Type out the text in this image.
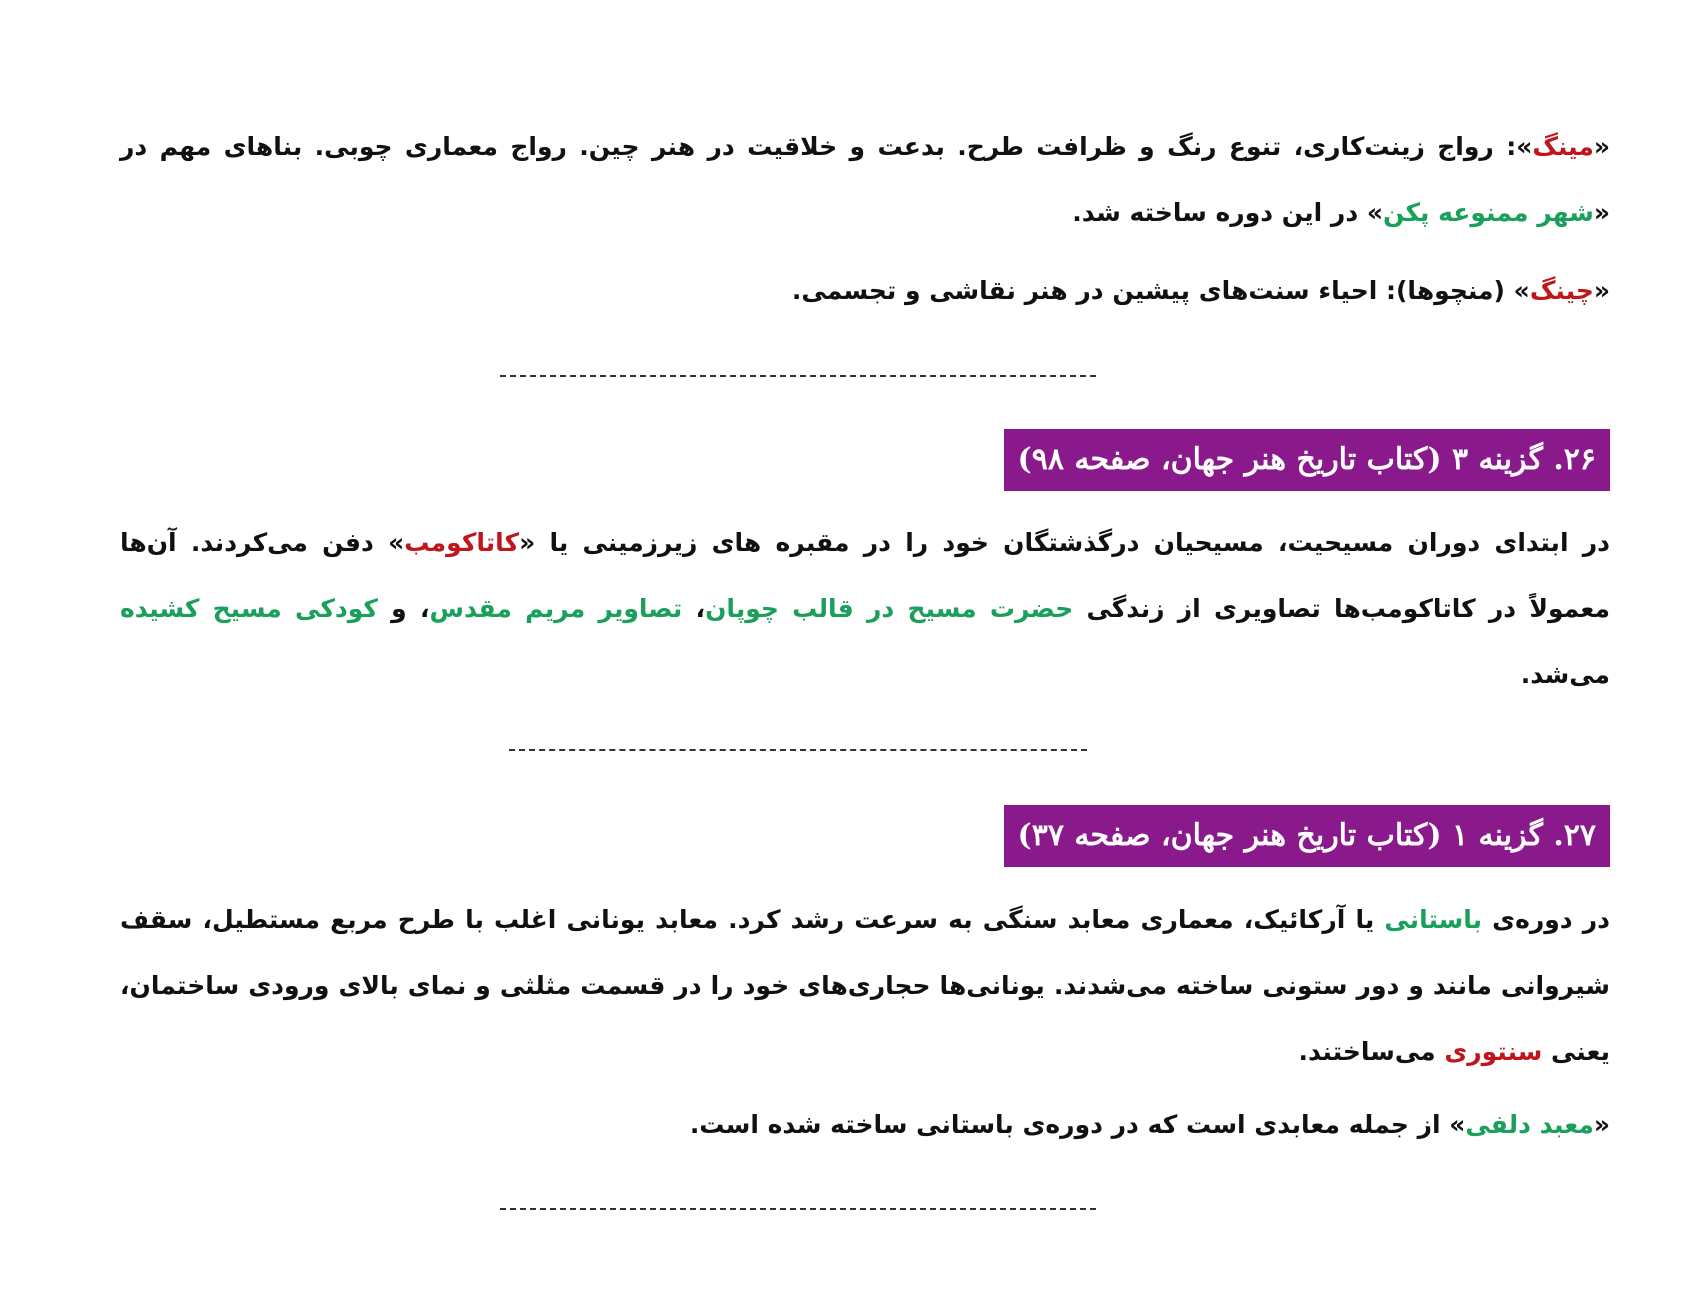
«مینگ»: رواج زینت‌کاری، تنوع رنگ و ظرافت طرح. بدعت و خلاقیت در هنر چین. رواج معماری چوبی. بناهای مهم در «شهر ممنوعه پکن» در این دوره ساخته شد.

«چینگ» (منچوها): احیاء سنت‌های پیشین در هنر نقاشی و تجسمی.

۲۶. گزینه ۳ (کتاب تاریخ هنر جهان، صفحه ۹۸)

در ابتدای دوران مسیحیت، مسیحیان درگذشتگان خود را در مقبره های زیرزمینی یا «کاتاکومب» دفن می‌کردند. آن‌ها معمولاً در کاتاکومب‌ها تصاویری از زندگی حضرت مسیح در قالب چوپان، تصاویر مریم مقدس، و کودکی مسیح کشیده می‌شد.

۲۷. گزینه ۱ (کتاب تاریخ هنر جهان، صفحه ۳۷)

در دوره‌ی باستانی یا آرکائیک، معماری معابد سنگی به سرعت رشد کرد. معابد یونانی اغلب با طرح مربع مستطیل، سقف شیروانی مانند و دور ستونی ساخته می‌شدند. یونانی‌ها حجاری‌های خود را در قسمت مثلثی و نمای بالای ورودی ساختمان، یعنی سنتوری می‌ساختند.

«معبد دلفی» از جمله معابدی است که در دوره‌ی باستانی ساخته شده است.
